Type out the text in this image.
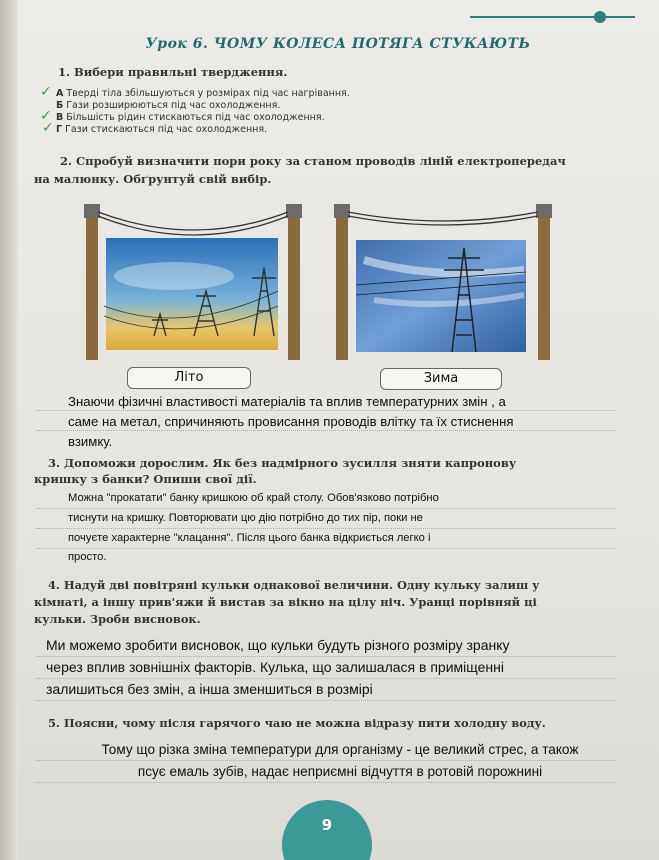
Урок 6. ЧОМУ КОЛЕСА ПОТЯГА СТУКАЮТЬ
1. Вибери правильні твердження.
✓ А Тверді тіла збільшуються у розмірах під час нагрівання.
Б Гази розширюються під час охолодження.
✓ В Більшість рідин стискаються під час охолодження.
✓ Г Гази стискаються під час охолодження.
2. Спробуй визначити пори року за станом проводів ліній електропередач
на малюнку. Обґрунтуй свій вибір.
Літо	Зима
Знаючи фізичні властивості матеріалів та вплив температурних змін , а
саме на метал, спричиняють провисання проводів влітку та їх стиснення
взимку.
3. Допоможи дорослим. Як без надмірного зусилля зняти капронову
кришку з банки? Опиши свої дії.
Можна "прокатати" банку кришкою об край столу. Обов'язково потрібно
тиснути на кришку. Повторювати цю дію потрібно до тих пір, поки не
почуєте характерне "клацання". Після цього банка відкриється легко і
просто.
4. Надуй дві повітряні кульки однакової величини. Одну кульку залиш у
кімнаті, а іншу прив'яжи й вистав за вікно на цілу ніч. Уранці порівняй ці
кульки. Зроби висновок.
Ми можемо зробити висновок, що кульки будуть різного розміру зранку
через вплив зовнішніх факторів. Кулька, що залишалася в приміщенні
залишиться без змін, а інша зменшиться в розмірі
5. Поясни, чому після гарячого чаю не можна відразу пити холодну воду.
Тому що різка зміна температури для організму - це великий стрес, а також
псує емаль зубів, надає неприємні відчуття в ротовій порожнині
9
